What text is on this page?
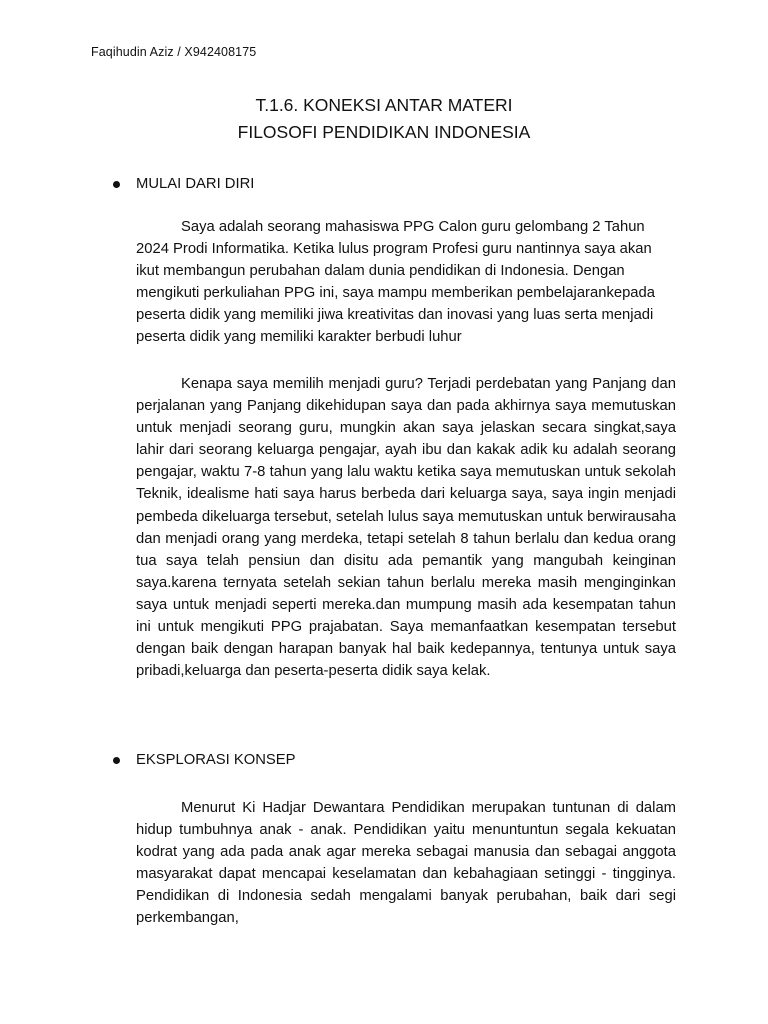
Faqihudin Aziz / X942408175
T.1.6. KONEKSI ANTAR MATERI
FILOSOFI PENDIDIKAN INDONESIA
MULAI DARI DIRI

Saya adalah seorang mahasiswa PPG Calon guru gelombang 2 Tahun 2024 Prodi Informatika. Ketika lulus program Profesi guru nantinnya saya akan ikut membangun perubahan dalam dunia pendidikan di Indonesia. Dengan mengikuti perkuliahan PPG ini, saya mampu memberikan pembelajarankepada peserta didik yang memiliki jiwa kreativitas dan inovasi yang luas serta menjadi peserta didik yang memiliki karakter berbudi luhur

Kenapa saya memilih menjadi guru? Terjadi perdebatan yang Panjang dan perjalanan yang Panjang dikehidupan saya dan pada akhirnya saya memutuskan untuk menjadi seorang guru, mungkin akan saya jelaskan secara singkat,saya lahir dari seorang keluarga pengajar, ayah ibu dan kakak adik ku adalah seorang pengajar, waktu 7-8 tahun yang lalu waktu ketika saya memutuskan untuk sekolah Teknik, idealisme hati saya harus berbeda dari keluarga saya, saya ingin menjadi pembeda dikeluarga tersebut, setelah lulus saya memutuskan untuk berwirausaha dan menjadi orang yang merdeka, tetapi setelah 8 tahun berlalu dan kedua orang tua saya telah pensiun dan disitu ada pemantik yang mangubah keinginan saya.karena ternyata setelah sekian tahun berlalu mereka masih menginginkan saya untuk menjadi seperti mereka.dan mumpung masih ada kesempatan tahun ini untuk mengikuti PPG prajabatan. Saya memanfaatkan kesempatan tersebut dengan baik dengan harapan banyak hal baik kedepannya, tentunya untuk saya pribadi,keluarga dan peserta-peserta didik saya kelak.

EKSPLORASI KONSEP

Menurut Ki Hadjar Dewantara Pendidikan merupakan tuntunan di dalam hidup tumbuhnya anak - anak. Pendidikan yaitu menuntuntun segala kekuatan kodrat yang ada pada anak agar mereka sebagai manusia dan sebagai anggota masyarakat dapat mencapai keselamatan dan kebahagiaan setinggi - tingginya. Pendidikan di Indonesia sedah mengalami banyak perubahan, baik dari segi perkembangan,
